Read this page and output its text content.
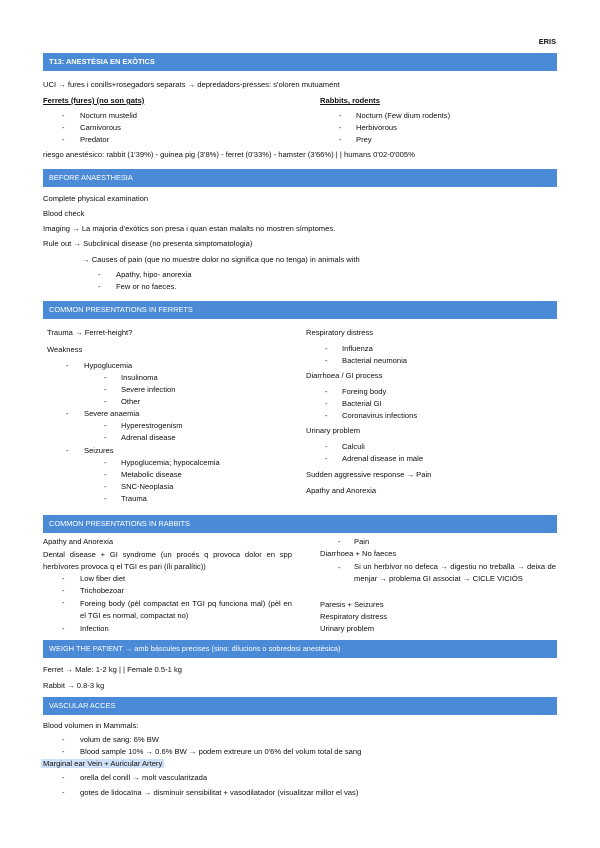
ERIS
T13: ANESTÈSIA EN EXÒTICS
UCI → fures i conills+rosegadors separats → depredadors-presses: s'oloren mutuament
Ferrets (fures) (no son gats)	Rabbits, rodents
- Nocturn mustelid
- Carnivorous
- Predator
- Nocturn (Few dium rodents)
- Herbivorous
- Prey
riesgo anestésico: rabbit (1'39%) - guinea pig (3'8%) - ferret (0'33%) - hamster (3'66%) | | humans 0'02-0'005%
BEFORE ANAESTHESIA
Complete physical examination
Blood check
Imaging → La majoria d'exòtics son presa i quan estan malalts no mostren símptomes.
Rule out → Subclinical disease (no presenta simptomatologia)
→ Causes of pain (que no muestre dolor no significa que no tenga) in animals with
- Apathy, hipo- anorexia
- Few or no faeces.
COMMON PRESENTATIONS IN FERRETS
Trauma → Ferret-height?
Weakness
- Hypoglucemia
- Insulinoma
- Severe infection
- Other
- Severe anaemia
- Hyperestrogenism
- Adrenal disease
- Seizures
- Hypoglucemia; hypocalcemia
- Metabolic disease
- SNC-Neoplasia
- Trauma
Respiratory distress
- Influenza
- Bacterial neumonia
Diarrhoea / GI process
- Foreing body
- Bacterial GI
- Coronavirus infections
Urinary problem
- Calculi
- Adrenal disease in male
Sudden aggressive response → Pain
Apathy and Anorexia
COMMON PRESENTATIONS IN RABBITS
Apathy and Anorexia
Dental disease + GI syndrome (un procés q provoca dolor en spp herbívores provoca q el TGI es pari (íli paralític))
- Low fiber diet
- Trichobezoar
- Foreing body (pèl compactat en TGI pq funciona mal) (pèl en el TGI es normal, compactat no)
- Infection
- Pain
Diarrhoea + No faeces
- Si un herbívor no defeca → digestiu no treballa → deixa de menjar → problema GI associat → CICLE VICIÓS
Paresis + Seizures
Respiratory distress
Urinary problem
WEIGH THE PATIENT → amb báscules precises (sino: dilucions o sobredosi anestèsica)
Ferret → Male: 1-2 kg | | Female 0.5-1 kg
Rabbit → 0.8-3 kg
VASCULAR ACCES
Blood volumen in Mammals:
- volum de sang: 6% BW
- Blood sample 10% → 0.6% BW → podem extreure un 0'6% del volum total de sang
Marginal ear Vein + Auricular Artery
- orella del conill → molt vascularitzada
- gotes de lidocaïna → disminuir sensibilitat + vasodilatador (visualitzar millor el vas)
